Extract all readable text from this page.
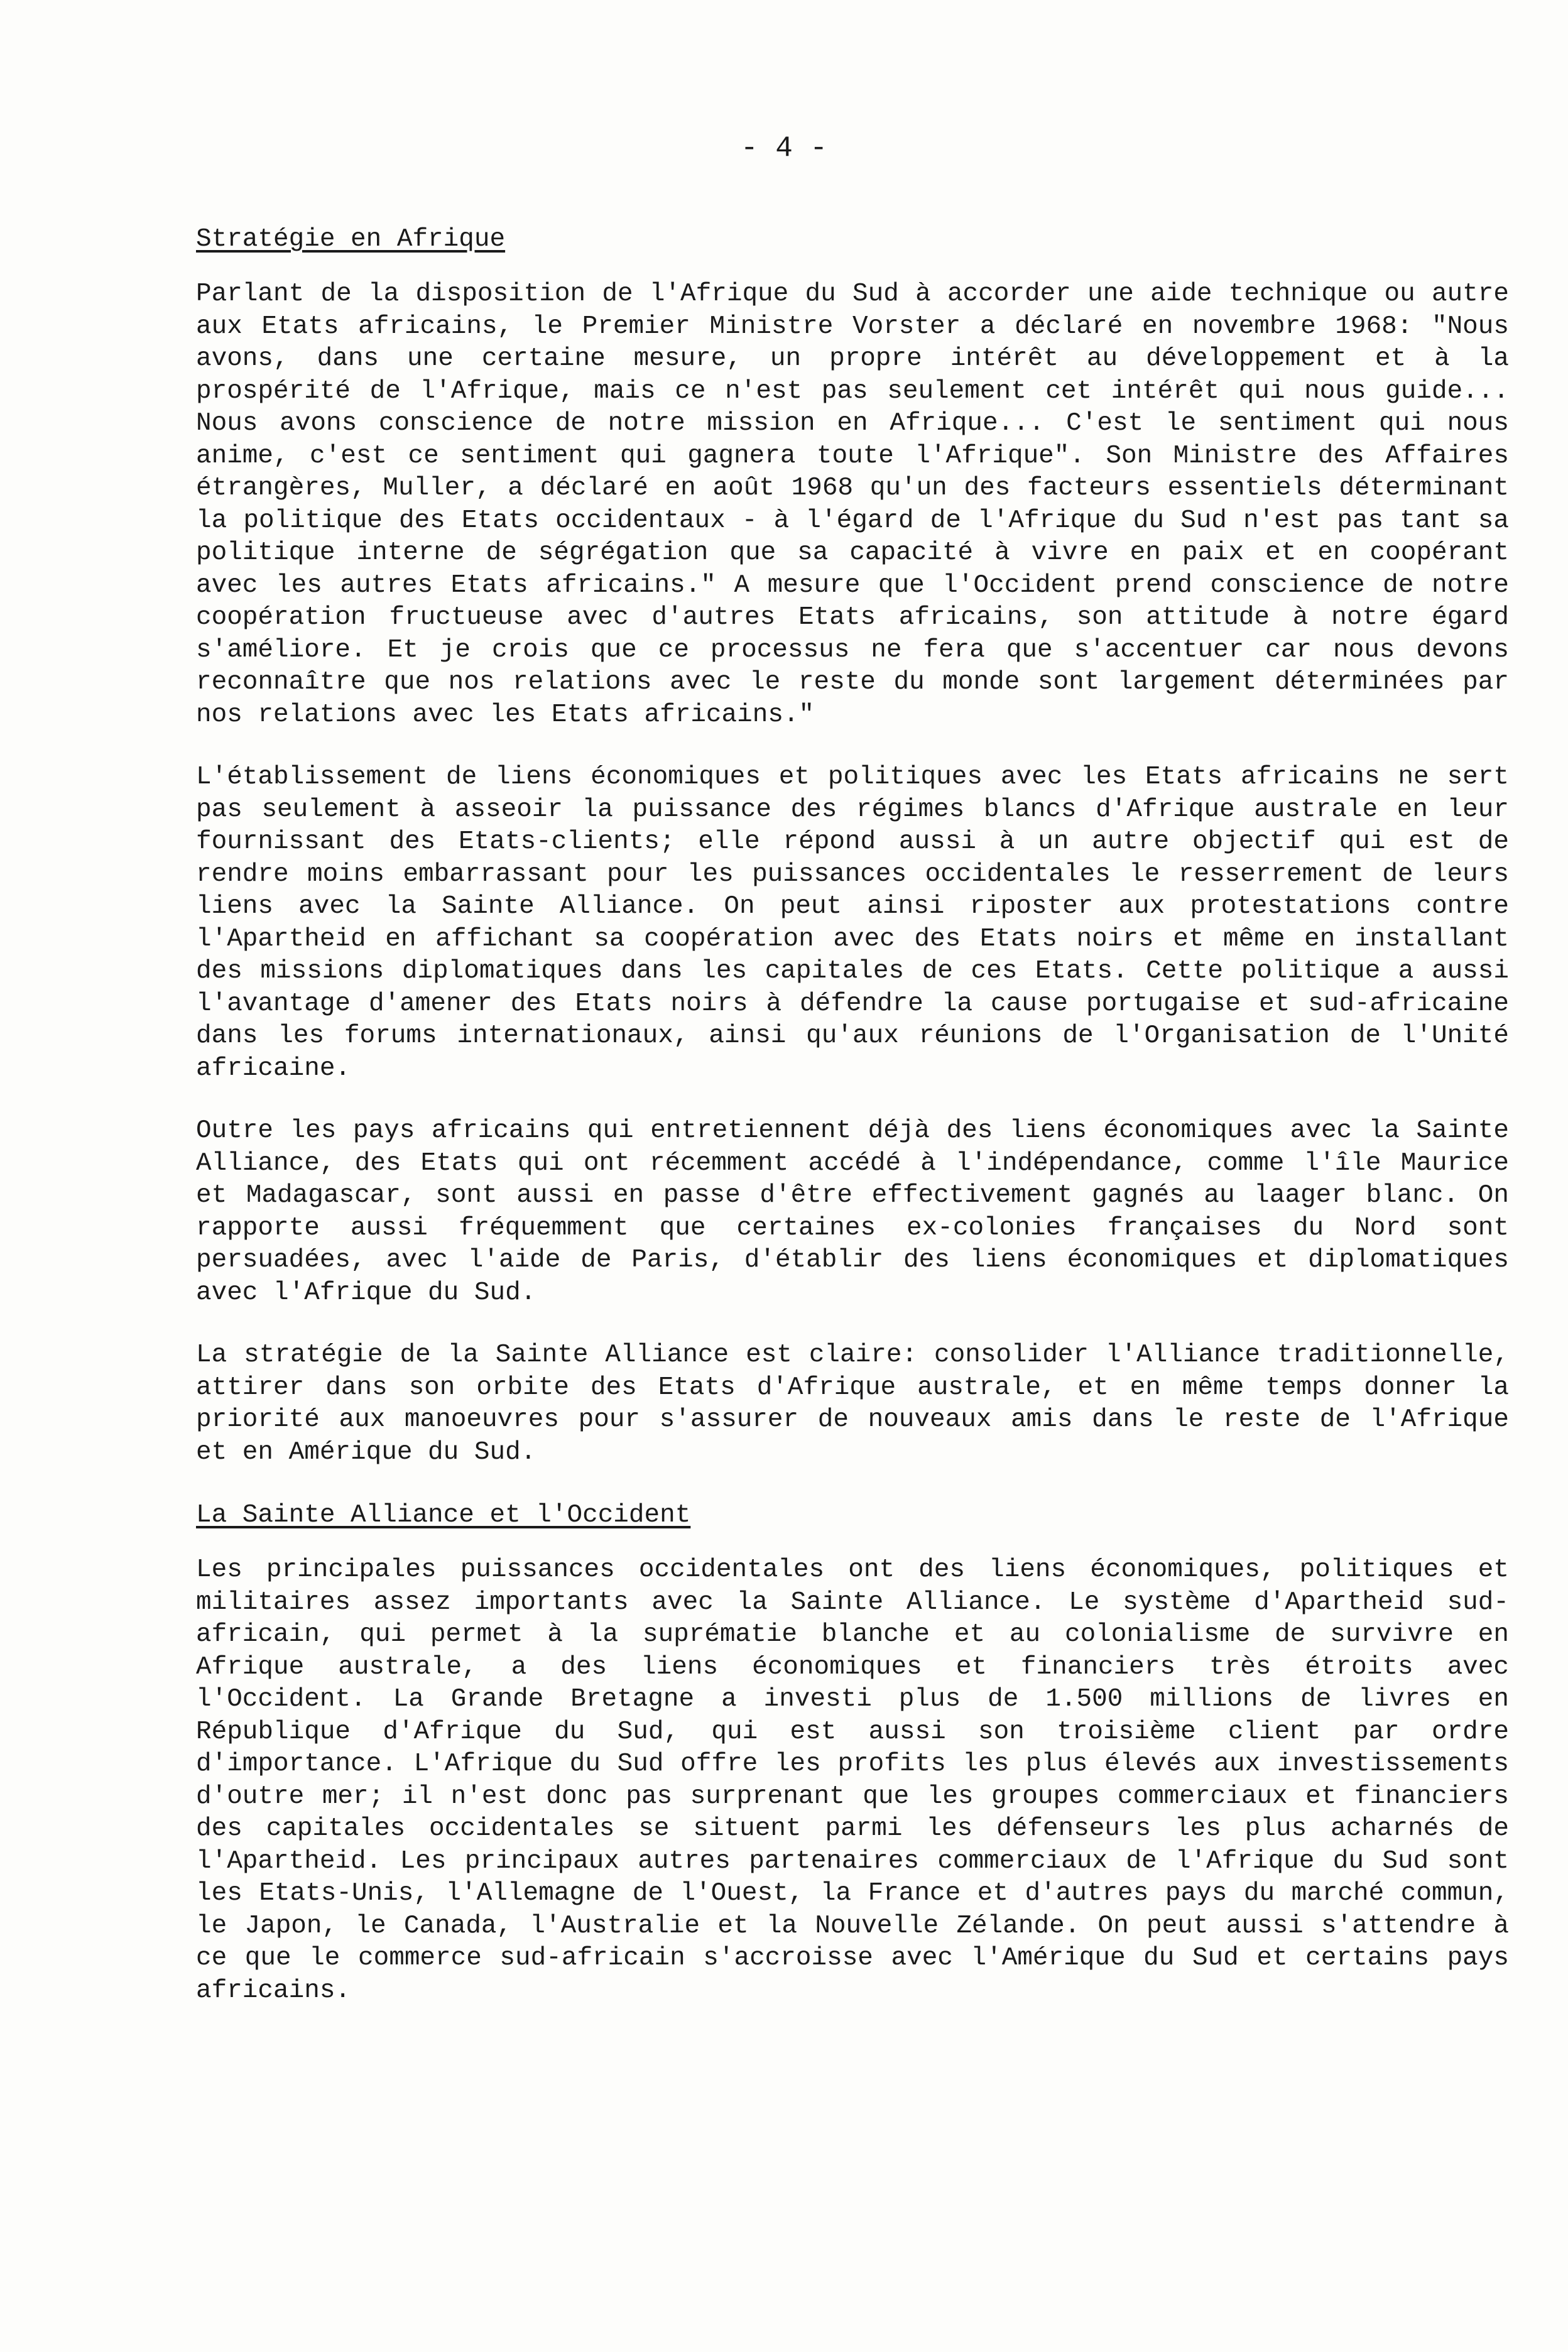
- 4 -
Stratégie en Afrique

Parlant de la disposition de l'Afrique du Sud à accorder une aide technique ou autre aux Etats africains, le Premier Ministre Vorster a déclaré en novembre 1968: "Nous avons, dans une certaine mesure, un propre intérêt au développement et à la prospérité de l'Afrique, mais ce n'est pas seulement cet intérêt qui nous guide... Nous avons conscience de notre mission en Afrique... C'est le sentiment qui nous anime, c'est ce sentiment qui gagnera toute l'Afrique". Son Ministre des Affaires étrangères, Muller, a déclaré en août 1968 qu'un des facteurs essentiels déterminant la politique des Etats occidentaux - à l'égard de l'Afrique du Sud n'est pas tant sa politique interne de ségrégation que sa capacité à vivre en paix et en coopérant avec les autres Etats africains." A mesure que l'Occident prend conscience de notre coopération fructueuse avec d'autres Etats africains, son attitude à notre égard s'améliore. Et je crois que ce processus ne fera que s'accentuer car nous devons reconnaître que nos relations avec le reste du monde sont largement déterminées par nos relations avec les Etats africains."

L'établissement de liens économiques et politiques avec les Etats africains ne sert pas seulement à asseoir la puissance des régimes blancs d'Afrique australe en leur fournissant des Etats-clients; elle répond aussi à un autre objectif qui est de rendre moins embarrassant pour les puissances occidentales le resserrement de leurs liens avec la Sainte Alliance. On peut ainsi riposter aux protestations contre l'Apartheid en affichant sa coopération avec des Etats noirs et même en installant des missions diplomatiques dans les capitales de ces Etats. Cette politique a aussi l'avantage d'amener des Etats noirs à défendre la cause portugaise et sud-africaine dans les forums internationaux, ainsi qu'aux réunions de l'Organisation de l'Unité africaine.

Outre les pays africains qui entretiennent déjà des liens économiques avec la Sainte Alliance, des Etats qui ont récemment accédé à l'indépendance, comme l'île Maurice et Madagascar, sont aussi en passe d'être effectivement gagnés au laager blanc. On rapporte aussi fréquemment que certaines ex-colonies françaises du Nord sont persuadées, avec l'aide de Paris, d'établir des liens économiques et diplomatiques avec l'Afrique du Sud.

La stratégie de la Sainte Alliance est claire: consolider l'Alliance traditionnelle, attirer dans son orbite des Etats d'Afrique australe, et en même temps donner la priorité aux manoeuvres pour s'assurer de nouveaux amis dans le reste de l'Afrique et en Amérique du Sud.

La Sainte Alliance et l'Occident

Les principales puissances occidentales ont des liens économiques, politiques et militaires assez importants avec la Sainte Alliance. Le système d'Apartheid sud-africain, qui permet à la suprématie blanche et au colonialisme de survivre en Afrique australe, a des liens économiques et financiers très étroits avec l'Occident. La Grande Bretagne a investi plus de 1.500 millions de livres en République d'Afrique du Sud, qui est aussi son troisième client par ordre d'importance. L'Afrique du Sud offre les profits les plus élevés aux investissements d'outre mer; il n'est donc pas surprenant que les groupes commerciaux et financiers des capitales occidentales se situent parmi les défenseurs les plus acharnés de l'Apartheid. Les principaux autres partenaires commerciaux de l'Afrique du Sud sont les Etats-Unis, l'Allemagne de l'Ouest, la France et d'autres pays du marché commun, le Japon, le Canada, l'Australie et la Nouvelle Zélande. On peut aussi s'attendre à ce que le commerce sud-africain s'accroisse avec l'Amérique du Sud et certains pays africains.
